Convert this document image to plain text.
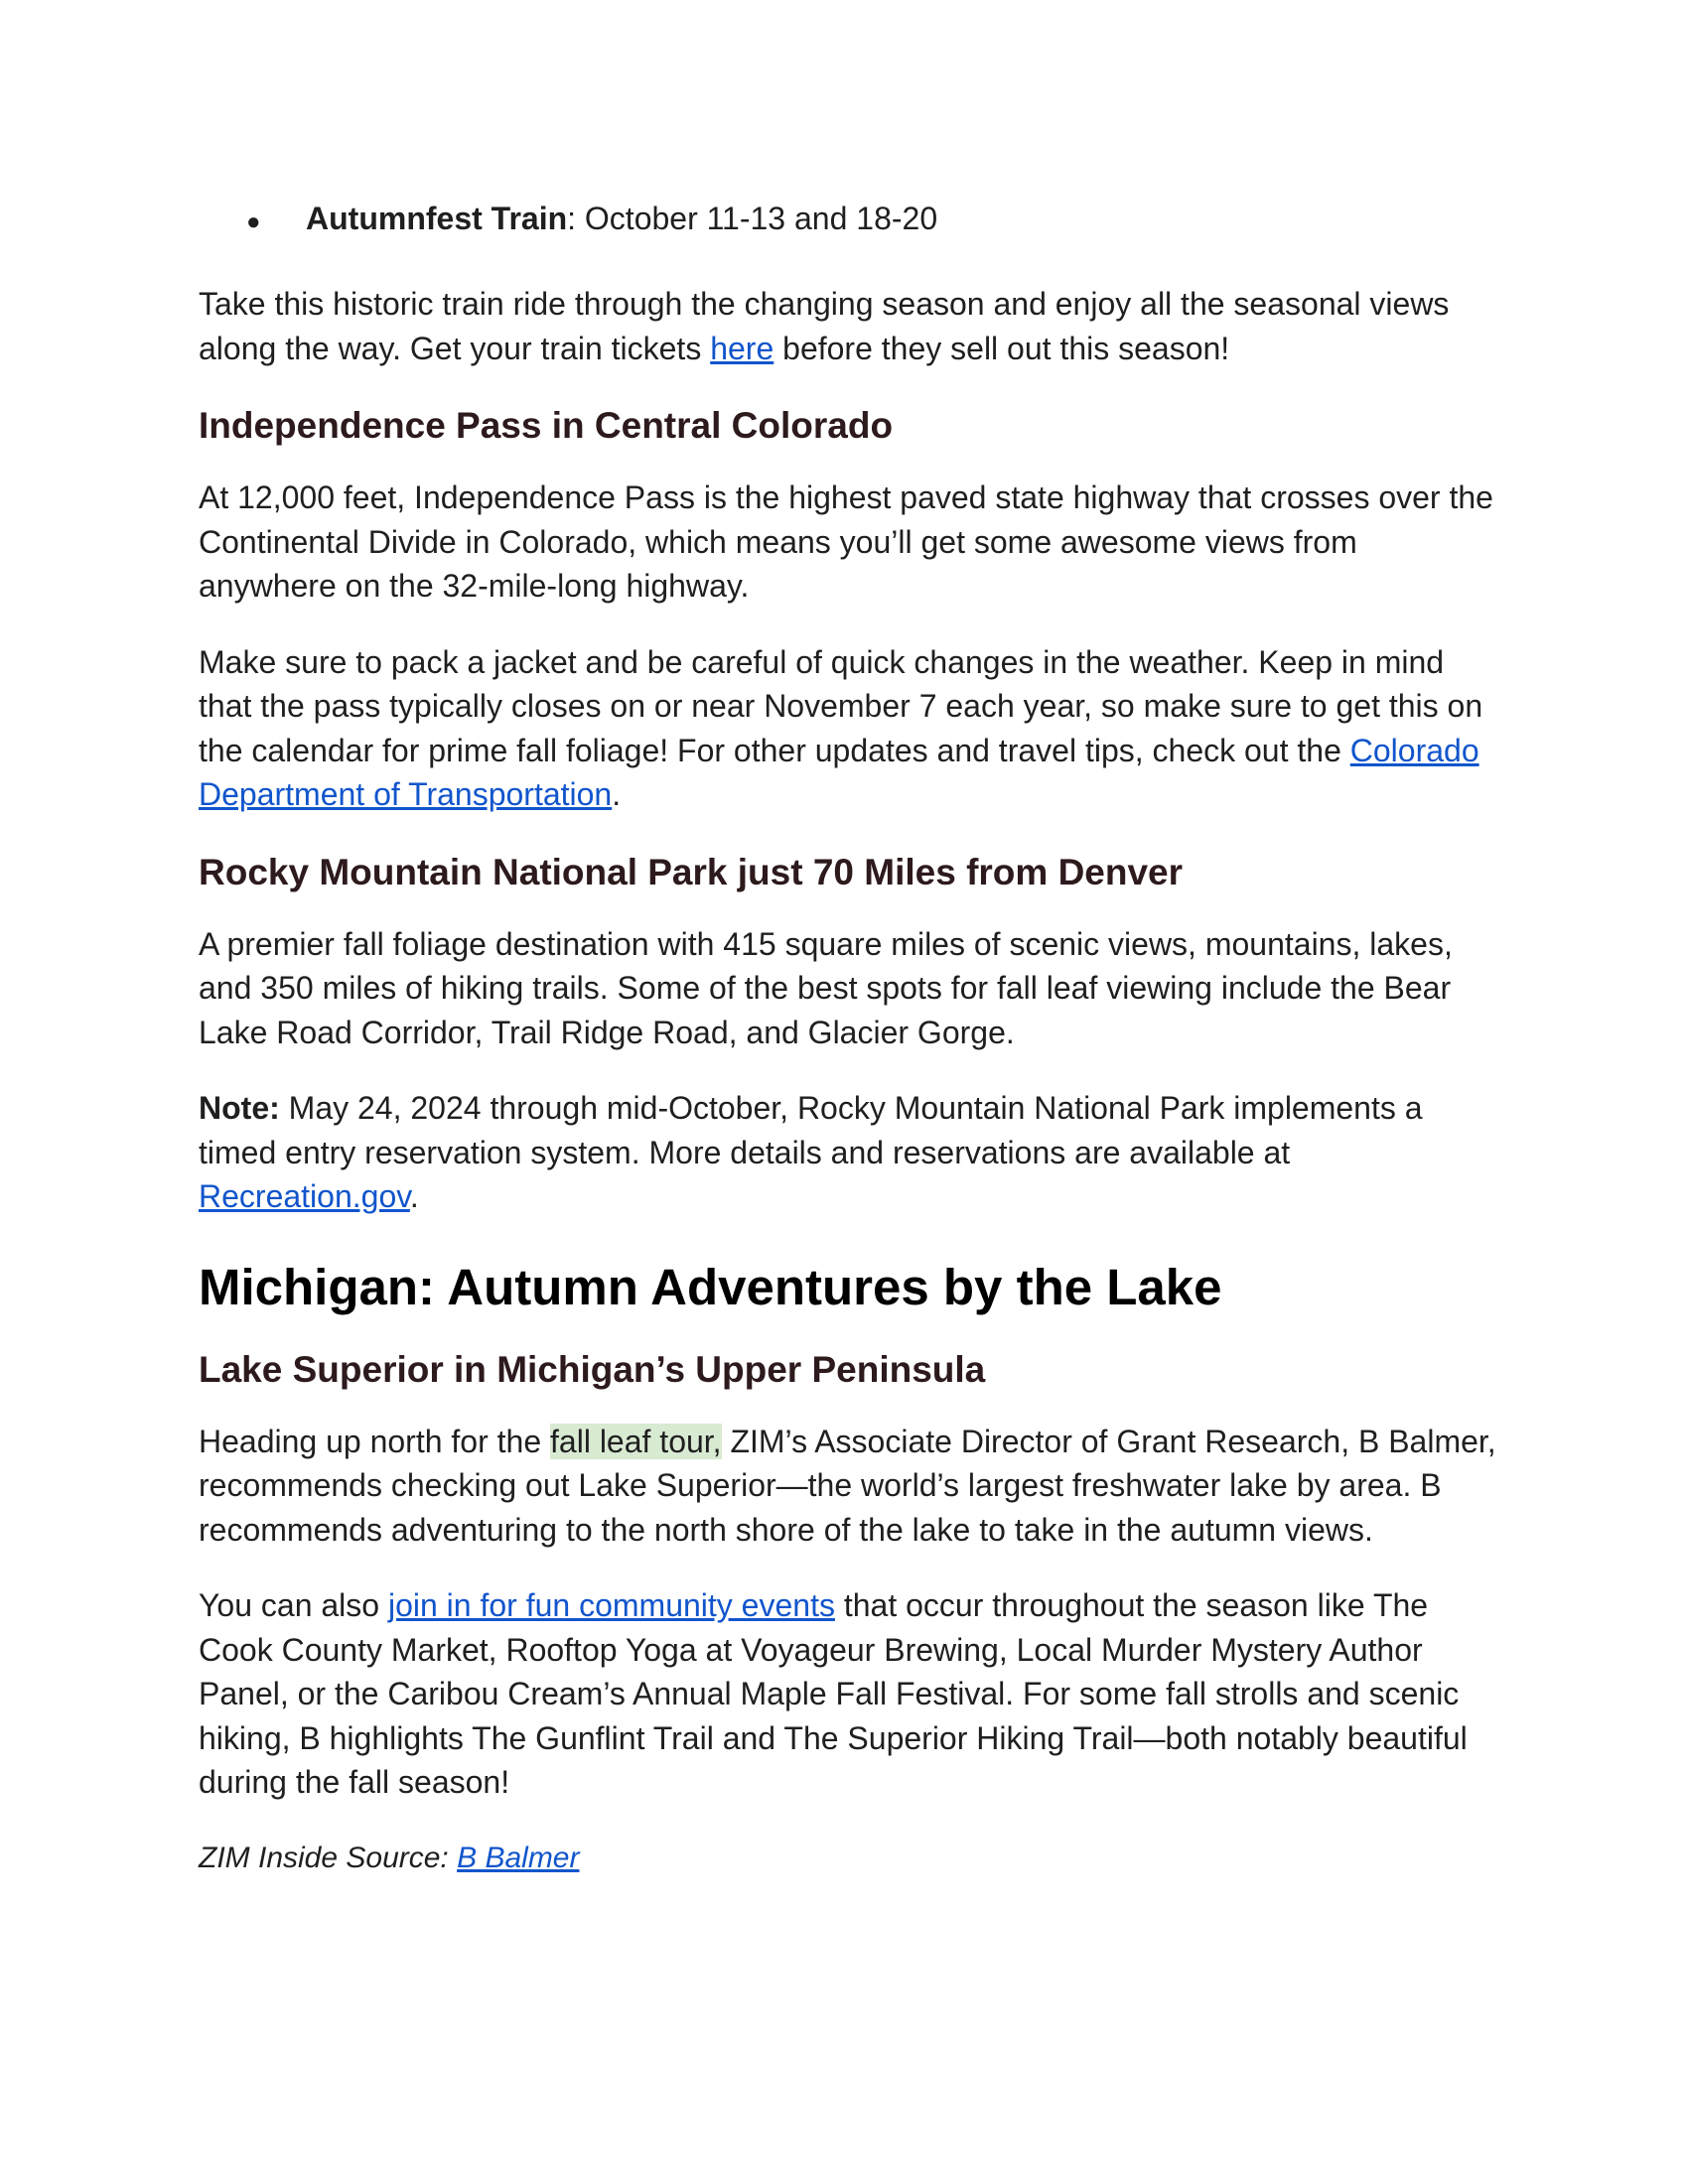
●	Autumnfest Train: October 11-13 and 18-20

Take this historic train ride through the changing season and enjoy all the seasonal views along the way. Get your train tickets here before they sell out this season!

Independence Pass in Central Colorado

At 12,000 feet, Independence Pass is the highest paved state highway that crosses over the Continental Divide in Colorado, which means you’ll get some awesome views from anywhere on the 32-mile-long highway.

Make sure to pack a jacket and be careful of quick changes in the weather. Keep in mind that the pass typically closes on or near November 7 each year, so make sure to get this on the calendar for prime fall foliage! For other updates and travel tips, check out the Colorado Department of Transportation.

Rocky Mountain National Park just 70 Miles from Denver

A premier fall foliage destination with 415 square miles of scenic views, mountains, lakes, and 350 miles of hiking trails. Some of the best spots for fall leaf viewing include the Bear Lake Road Corridor, Trail Ridge Road, and Glacier Gorge.

Note: May 24, 2024 through mid-October, Rocky Mountain National Park implements a timed entry reservation system. More details and reservations are available at Recreation.gov.

Michigan: Autumn Adventures by the Lake
Lake Superior in Michigan’s Upper Peninsula

Heading up north for the fall leaf tour, ZIM’s Associate Director of Grant Research, B Balmer, recommends checking out Lake Superior—the world’s largest freshwater lake by area. B recommends adventuring to the north shore of the lake to take in the autumn views.

You can also join in for fun community events that occur throughout the season like The Cook County Market, Rooftop Yoga at Voyageur Brewing, Local Murder Mystery Author Panel, or the Caribou Cream’s Annual Maple Fall Festival. For some fall strolls and scenic hiking, B highlights The Gunflint Trail and The Superior Hiking Trail—both notably beautiful during the fall season!

ZIM Inside Source: B Balmer
